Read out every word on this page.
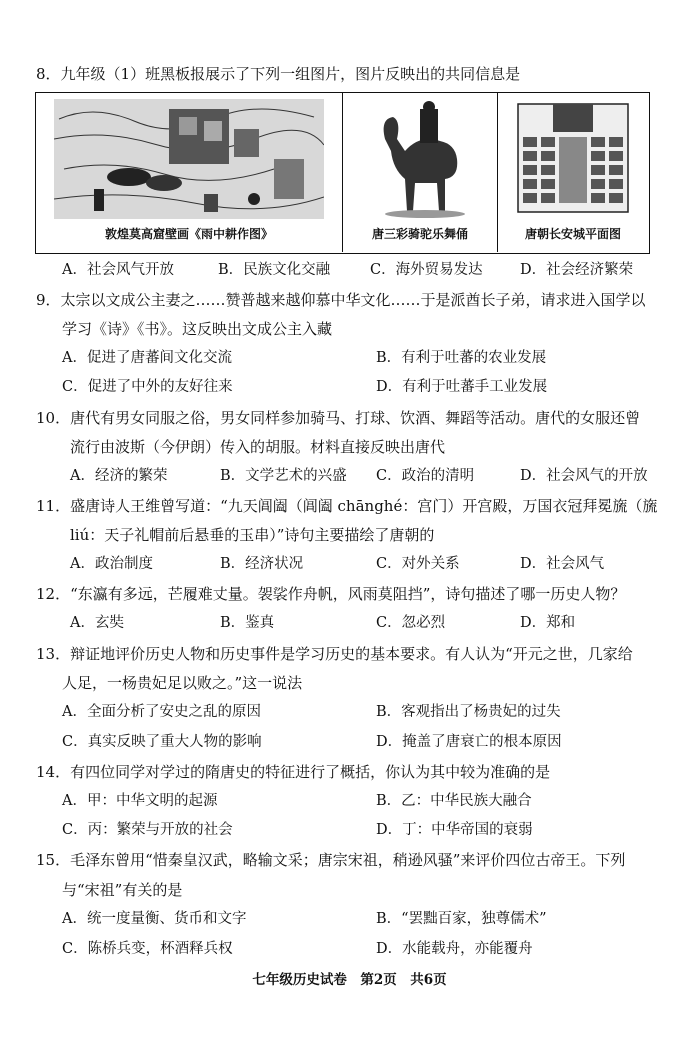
8．九年级（1）班黑板报展示了下列一组图片，图片反映出的共同信息是
敦煌莫高窟壁画《雨中耕作图》	唐三彩骑驼乐舞俑	唐朝长安城平面图
A．社会风气开放	B．民族文化交融	C．海外贸易发达	D．社会经济繁荣
9．太宗以文成公主妻之……赞普越来越仰慕中华文化……于是派酋长子弟，请求进入国学以
学习《诗》《书》。这反映出文成公主入藏
A．促进了唐蕃间文化交流	B．有利于吐蕃的农业发展
C．促进了中外的友好往来	D．有利于吐蕃手工业发展
10．唐代有男女同服之俗，男女同样参加骑马、打球、饮酒、舞蹈等活动。唐代的女服还曾
流行由波斯（今伊朗）传入的胡服。材料直接反映出唐代
A．经济的繁荣	B．文学艺术的兴盛 C．政治的清明	D．社会风气的开放
11．盛唐诗人王维曾写道：“九天阊阖（阊阖 chānghé：宫门）开宫殿，万国衣冠拜冕旒（旒
liú：天子礼帽前后悬垂的玉串）”诗句主要描绘了唐朝的
A．政治制度	B．经济状况	C．对外关系	D．社会风气
12．“东瀛有多远，芒履难丈量。袈裟作舟帆，风雨莫阻挡”，诗句描述了哪一历史人物？
A．玄奘	B．鉴真	C．忽必烈	D．郑和
13．辩证地评价历史人物和历史事件是学习历史的基本要求。有人认为“开元之世，几家给
人足，一杨贵妃足以败之。”这一说法
A．全面分析了安史之乱的原因	B．客观指出了杨贵妃的过失
C．真实反映了重大人物的影响	D．掩盖了唐衰亡的根本原因
14．有四位同学对学过的隋唐史的特征进行了概括，你认为其中较为准确的是
A．甲：中华文明的起源	B．乙：中华民族大融合
C．丙：繁荣与开放的社会	D．丁：中华帝国的衰弱
15．毛泽东曾用“惜秦皇汉武，略输文采；唐宗宋祖，稍逊风骚”来评价四位古帝王。下列
与“宋祖”有关的是
A．统一度量衡、货币和文字	B．“罢黜百家，独尊儒术”
C．陈桥兵变，杯酒释兵权	D．水能载舟，亦能覆舟
七年级历史试卷　第2页　共6页
